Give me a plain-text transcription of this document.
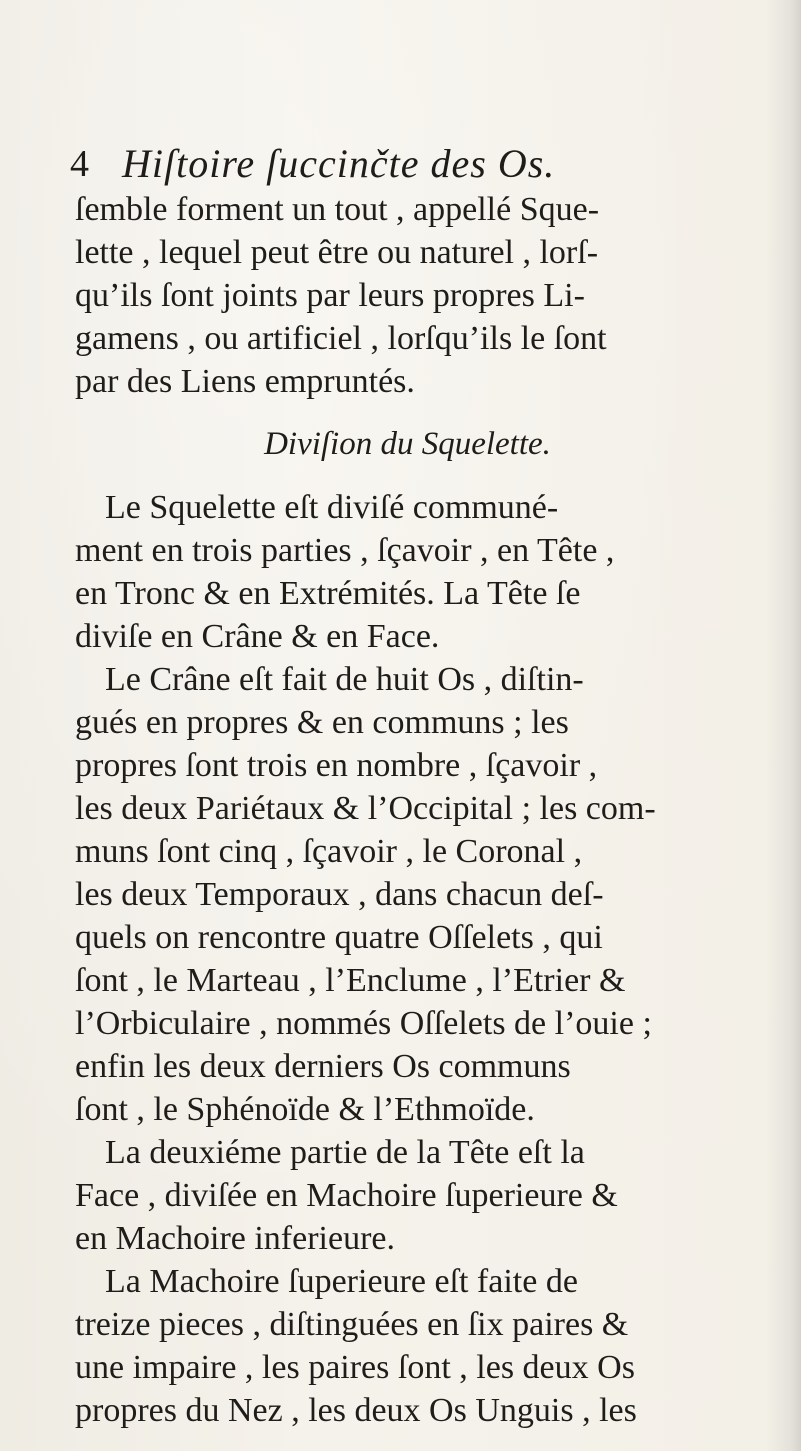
4 Hiſtoire ſuccinčte des Os.
ſemble forment un tout , appellé Sque-
lette , lequel peut être ou naturel , lorſ-
qu’ils ſont joints par leurs propres Li-
gamens , ou artificiel , lorſqu’ils le ſont
par des Liens empruntés.
Diviſion du Squelette.
Le Squelette eſt diviſé communé-
ment en trois parties , ſçavoir , en Tête ,
en Tronc & en Extrémités. La Tête ſe
diviſe en Crâne & en Face.
Le Crâne eſt fait de huit Os , diſtin-
gués en propres & en communs ; les
propres ſont trois en nombre , ſçavoir ,
les deux Pariétaux & l’Occipital ; les com-
muns ſont cinq , ſçavoir , le Coronal ,
les deux Temporaux , dans chacun deſ-
quels on rencontre quatre Oſſelets , qui
ſont , le Marteau , l’Enclume , l’Etrier &
l’Orbiculaire , nommés Oſſelets de l’ouie ;
enfin les deux derniers Os communs
ſont , le Sphénoïde & l’Ethmoïde.
La deuxiéme partie de la Tête eſt la
Face , diviſée en Machoire ſuperieure &
en Machoire inferieure.
La Machoire ſuperieure eſt faite de
treize pieces , diſtinguées en ſix paires &
une impaire , les paires ſont , les deux Os
propres du Nez , les deux Os Unguis , les
